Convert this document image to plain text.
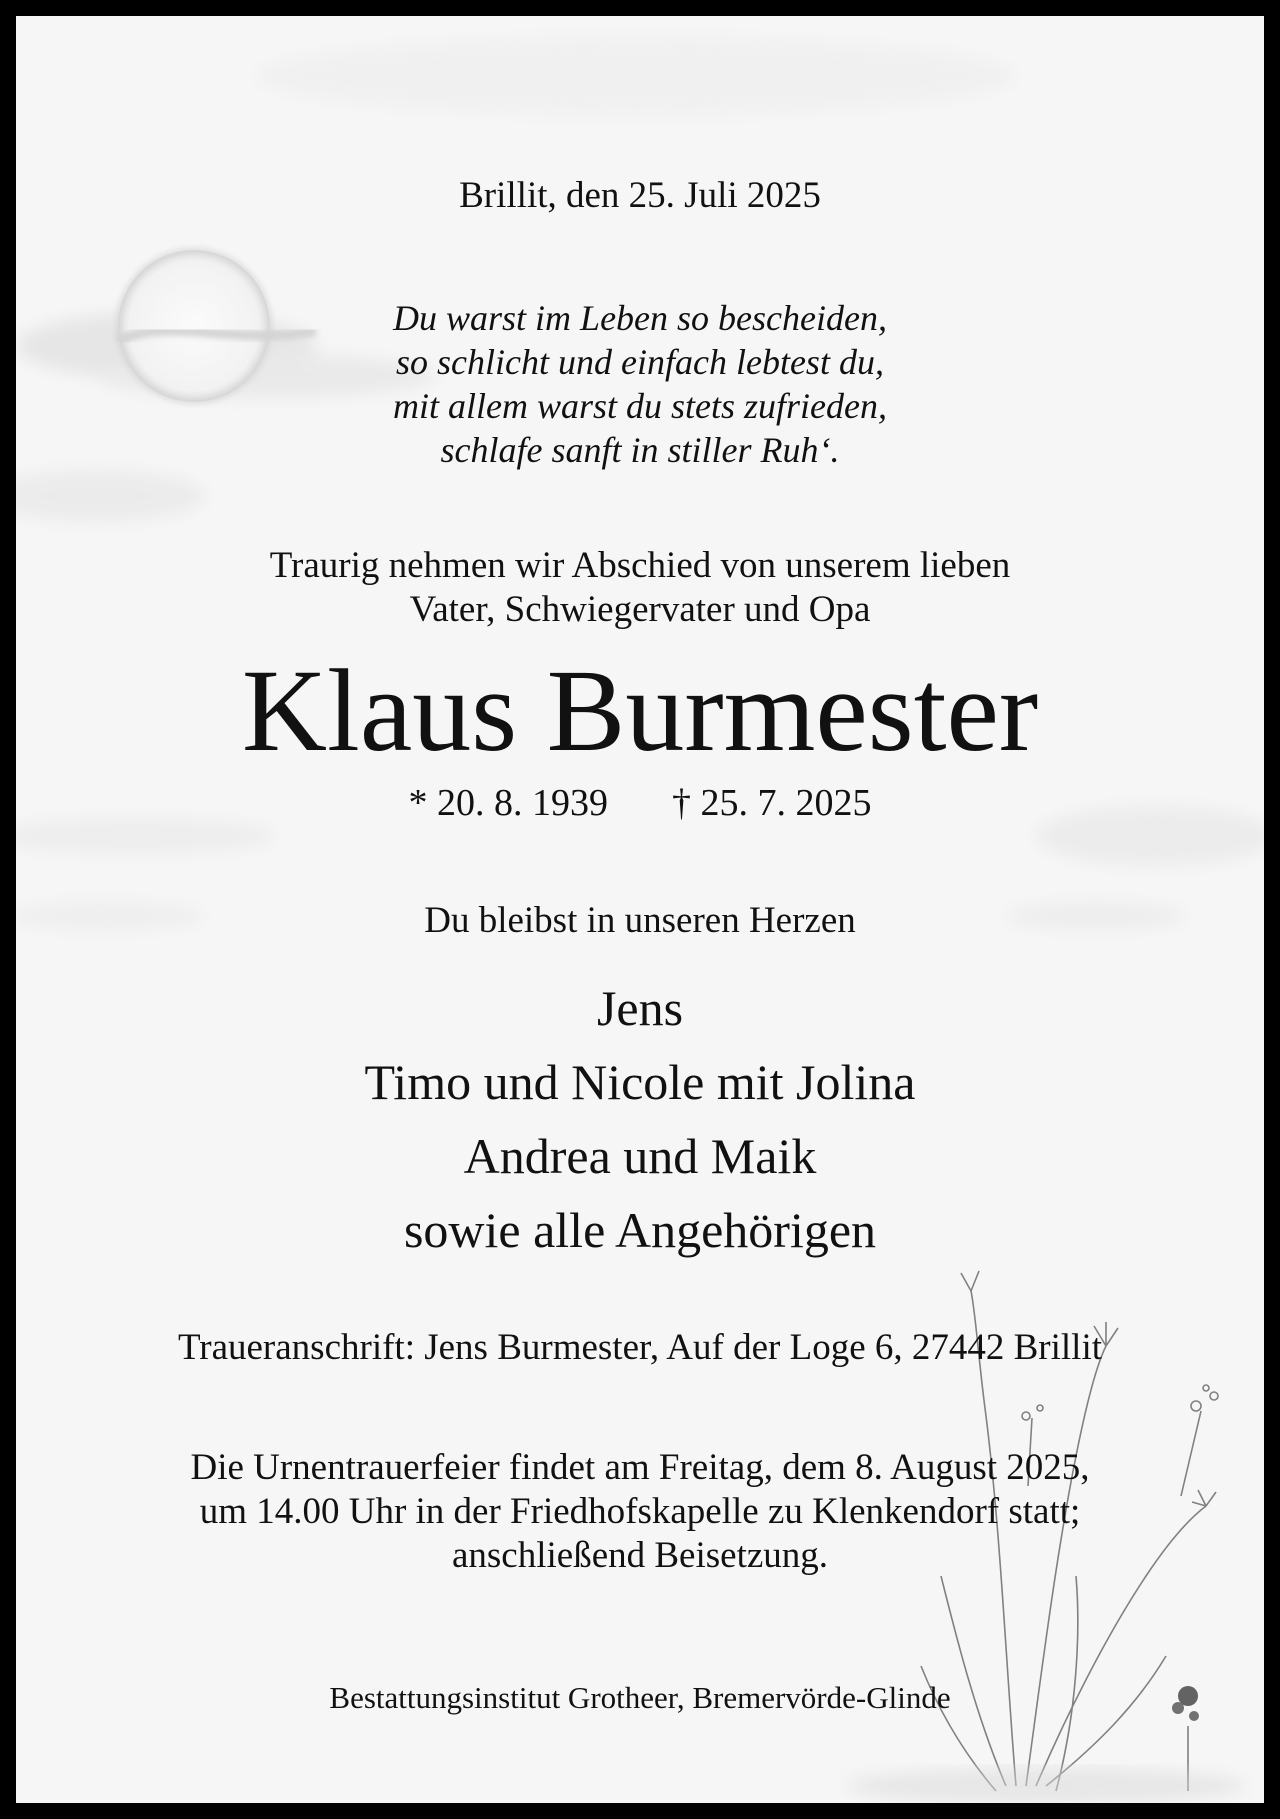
Brillit, den 25. Juli 2025
Du warst im Leben so bescheiden,
so schlicht und einfach lebtest du,
mit allem warst du stets zufrieden,
schlafe sanft in stiller Ruh‘.
Traurig nehmen wir Abschied von unserem lieben
Vater, Schwiegervater und Opa
Klaus Burmester
* 20. 8. 1939 † 25. 7. 2025
Du bleibst in unseren Herzen
Jens
Timo und Nicole mit Jolina
Andrea und Maik
sowie alle Angehörigen
Traueranschrift: Jens Burmester, Auf der Loge 6, 27442 Brillit
Die Urnentrauerfeier findet am Freitag, dem 8. August 2025,
um 14.00 Uhr in der Friedhofskapelle zu Klenkendorf statt;
anschließend Beisetzung.
Bestattungsinstitut Grotheer, Bremervörde-Glinde
